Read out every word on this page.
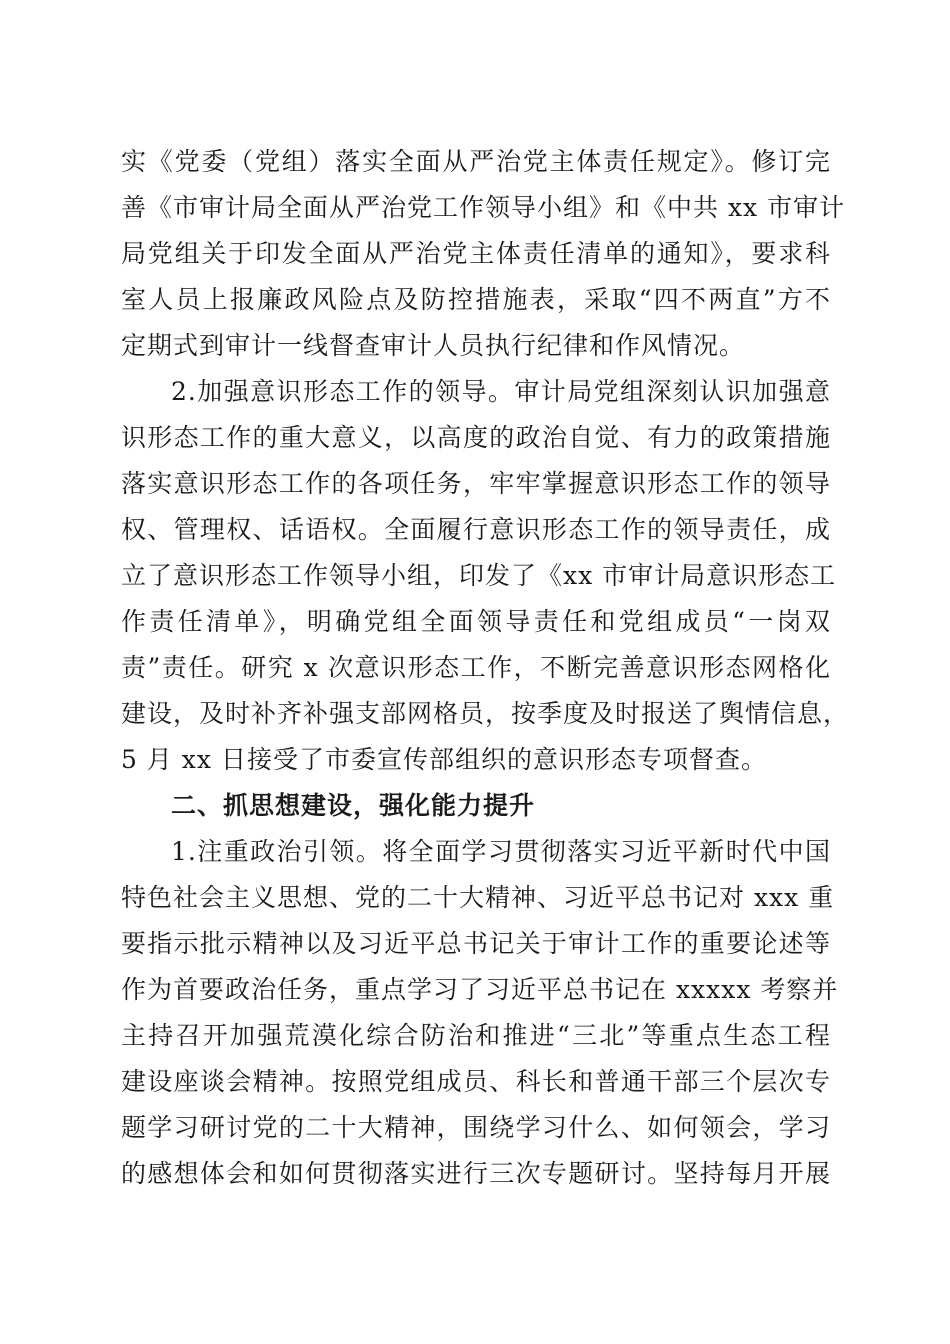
实《党委（党组）落实全面从严治党主体责任规定》。修订完
善《市审计局全面从严治党工作领导小组》和《中共 xx 市审计
局党组关于印发全面从严治党主体责任清单的通知》，要求科
室人员上报廉政风险点及防控措施表，采取“四不两直”方不
定期式到审计一线督查审计人员执行纪律和作风情况。
2.加强意识形态工作的领导。审计局党组深刻认识加强意
识形态工作的重大意义，以高度的政治自觉、有力的政策措施
落实意识形态工作的各项任务，牢牢掌握意识形态工作的领导
权、管理权、话语权。全面履行意识形态工作的领导责任，成
立了意识形态工作领导小组，印发了《xx 市审计局意识形态工
作责任清单》，明确党组全面领导责任和党组成员“一岗双
责”责任。研究 x 次意识形态工作，不断完善意识形态网格化
建设，及时补齐补强支部网格员，按季度及时报送了舆情信息，
5 月 xx 日接受了市委宣传部组织的意识形态专项督查。
二、抓思想建设，强化能力提升
1.注重政治引领。将全面学习贯彻落实习近平新时代中国
特色社会主义思想、党的二十大精神、习近平总书记对 xxx 重
要指示批示精神以及习近平总书记关于审计工作的重要论述等
作为首要政治任务，重点学习了习近平总书记在 xxxxx 考察并
主持召开加强荒漠化综合防治和推进“三北”等重点生态工程
建设座谈会精神。按照党组成员、科长和普通干部三个层次专
题学习研讨党的二十大精神，围绕学习什么、如何领会，学习
的感想体会和如何贯彻落实进行三次专题研讨。坚持每月开展
